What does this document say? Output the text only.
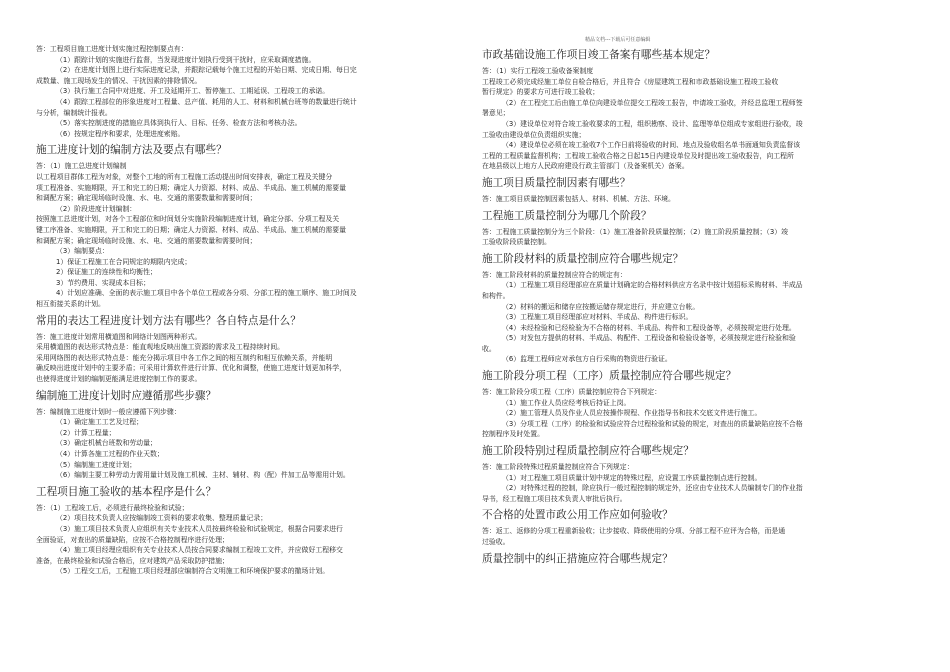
精品文档---下载后可任意编辑
答：工程项目施工进度计划实施过程控制要点有：
（1）跟踪计划的实施进行监督，当发现进度计划执行受到干扰时，应采取调度措施。
（2）在进度计划图上进行实际进度记录，并跟踪记载每个施工过程的开始日期、完成日期、每日完
成数量、施工现场发生的情况、干扰因素的排除情况。
（3）执行施工合同中对进度、开工及延期开工、暂停施工、工期延误、工程竣工的承诺。
（4）跟踪工程部位的形象进度对工程量、总产值、耗用的人工、材料和机械台班等的数量进行统计
与分析，编制统计报表。
（5）落实控制进度的措施应具体到执行人、目标、任务、检查方法和考核办法。
（6）按规定程序和要求，处理进度索赔。
施工进度计划的编制方法及要点有哪些？
答：（1）施工总进度计划编制
以工程项目群体工程为对象，对整个工地的所有工程施工活动提出时间安排表，确定工程及关键分
项工程准备、实施期限，开工和完工的日期；确定人力资源、材料、成品、半成品、施工机械的需要量
和调配方案；确定现场临时设施、水、电、交通的需要数量和需要时间；
（2）阶段进度计划编制：
按照施工总进度计划，对各个工程部位和时间划分实施阶段编制进度计划，确定分部、分项工程及关
键工序准备、实施期限，开工和完工的日期；确定人力资源、材料、成品、半成品、施工机械的需要量
和调配方案；确定现场临时设施、水、电、交通的需要数量和需要时间；
（3）编制要点：
1）保证工程施工在合同规定的期限内完成；
2）保证施工的连续性和均衡性；
3）节约费用、实现成本目标；
4）计划应准确、全面的表示施工项目中各个单位工程或各分项、分部工程的施工顺序、施工时间及
相互衔接关系的计划。
常用的表达工程进度计划方法有哪些？各自特点是什么？
答：施工进度计划常用横道图和网络计划图两种形式。
采用横道图的表达形式特点是：能直观地反映出施工资源的需求及工程持续时间。
采用网络图的表达形式特点是：能充分揭示项目中各工作之间的相互制约和相互依赖关系，并能明
确反映出进度计划中的主要矛盾；可采用计算软件进行计算、优化和调整，使施工进度计划更加科学，
也使得进度计划的编制更能满足进度控制工作的要求。
编制施工进度计划时应遵循那些步骤？
答：编制施工进度计划时一般应遵循下列步骤：
（1）确定施工工艺及过程；
（2）计算工程量；
（3）确定机械台班数和劳动量；
（4）计算各施工过程的作业天数；
（5）编制施工进度计划；
（6）编制主要工种劳动力需用量计划及施工机械、主材、辅材、构（配）件加工品等需用计划。
工程项目施工验收的基本程序是什么？
答：（1）工程竣工后，必须进行最终检验和试验；
（2）项目技术负责人应按编制竣工资料的要求收集、整理质量记录；
（3）施工项目技术负责人应组织有关专业技术人员按最终检验和试验规定，根据合同要求进行
全面验证，对查出的质量缺陷，应按不合格控制程序进行处理；
（4）施工项目经理应组织有关专业技术人员按合同要求编制工程竣工文件，并应做好工程移交
准备，在最终检验和试验合格后，应对建筑产品采取防护措施；
（5）工程交工后，工程施工项目经理部应编制符合文明施工和环境保护要求的撤场计划。
市政基础设施工作项目竣工备案有哪些基本规定？
答：（1）实行工程竣工验收备案制度
工程竣工必须完成经施工单位自检合格后，并且符合《房屋建筑工程和市政基础设施工程竣工验收
暂行规定》的要求方可进行竣工验收；
（2）在工程完工后由施工单位向建设单位提交工程竣工报告，申请竣工验收，并经总监理工程师签
署意见；
（3）建设单位对符合竣工验收要求的工程，组织勘察、设计、监理等单位组成专家组进行验收，竣
工验收由建设单位负责组织实施；
（4）建设单位必须在竣工验收7个工作日前将验收的时间、地点及验收组名单书面通知负责监督该
工程的工程质量监督机构；工程竣工验收合格之日起15日内建设单位及时提出竣工验收报告，向工程所
在地县级以上地方人民政府建设行政主管部门（及备案机关）备案。
施工项目质量控制因素有哪些？
答：施工项目质量控制因素包括人、材料、机械、方法、环境。
工程施工质量控制分为哪几个阶段？
答：工程施工质量控制分为三个阶段：（1）施工准备阶段质量控制；（2）施工阶段质量控制；（3）竣
工验收阶段质量控制。
施工阶段材料的质量控制应符合哪些规定？
答：施工阶段材料的质量控制应符合的规定有：
（1）工程施工项目经理部应在质量计划确定的合格材料供应方名录中按计划招标采购材料、半成品
和构件。
（2）材料的搬运和储存应按搬运储存规定进行，并应建立台帐。
（3）工程施工项目经理部应对材料、半成品、构件进行标识。
（4）未经检验和已经检验为不合格的材料、半成品、构件和工程设备等，必须按规定进行处理。
（5）对发包方提供的材料、半成品、构配件、工程设备和检验设备等，必须按规定进行检验和验
收。
（6）监理工程师应对承包方自行采购的物资进行验证。
施工阶段分项工程（工序）质量控制应符合哪些规定？
答：施工阶段分项工程（工序）质量控制应符合下列规定：
（1）施工作业人员应经考核后持证上岗。
（2）施工管理人员及作业人员应按操作规程、作业指导书和技术交底文件进行施工。
（3）分项工程（工序）的检验和试验应符合过程检验和试验的规定，对查出的质量缺陷应按不合格
控制程序及时处置。
施工阶段特别过程质量控制应符合哪些规定？
答：施工阶段特殊过程质量控制应符合下列规定：
（1）对工程施工项目质量计划中规定的特殊过程，应设置工序质量控制点进行控制。
（2）对特殊过程的控制，除应执行一般过程控制的规定外，还应由专业技术人员编制专门的作业指
导书，经工程施工项目技术负责人审批后执行。
不合格的处置市政公用工作应如何验收？
答：返工、返修的分项工程重新验收；让步接收、降级使用的分项、分部工程不应评为合格，而是通
过验收。
质量控制中的纠正措施应符合哪些规定？
